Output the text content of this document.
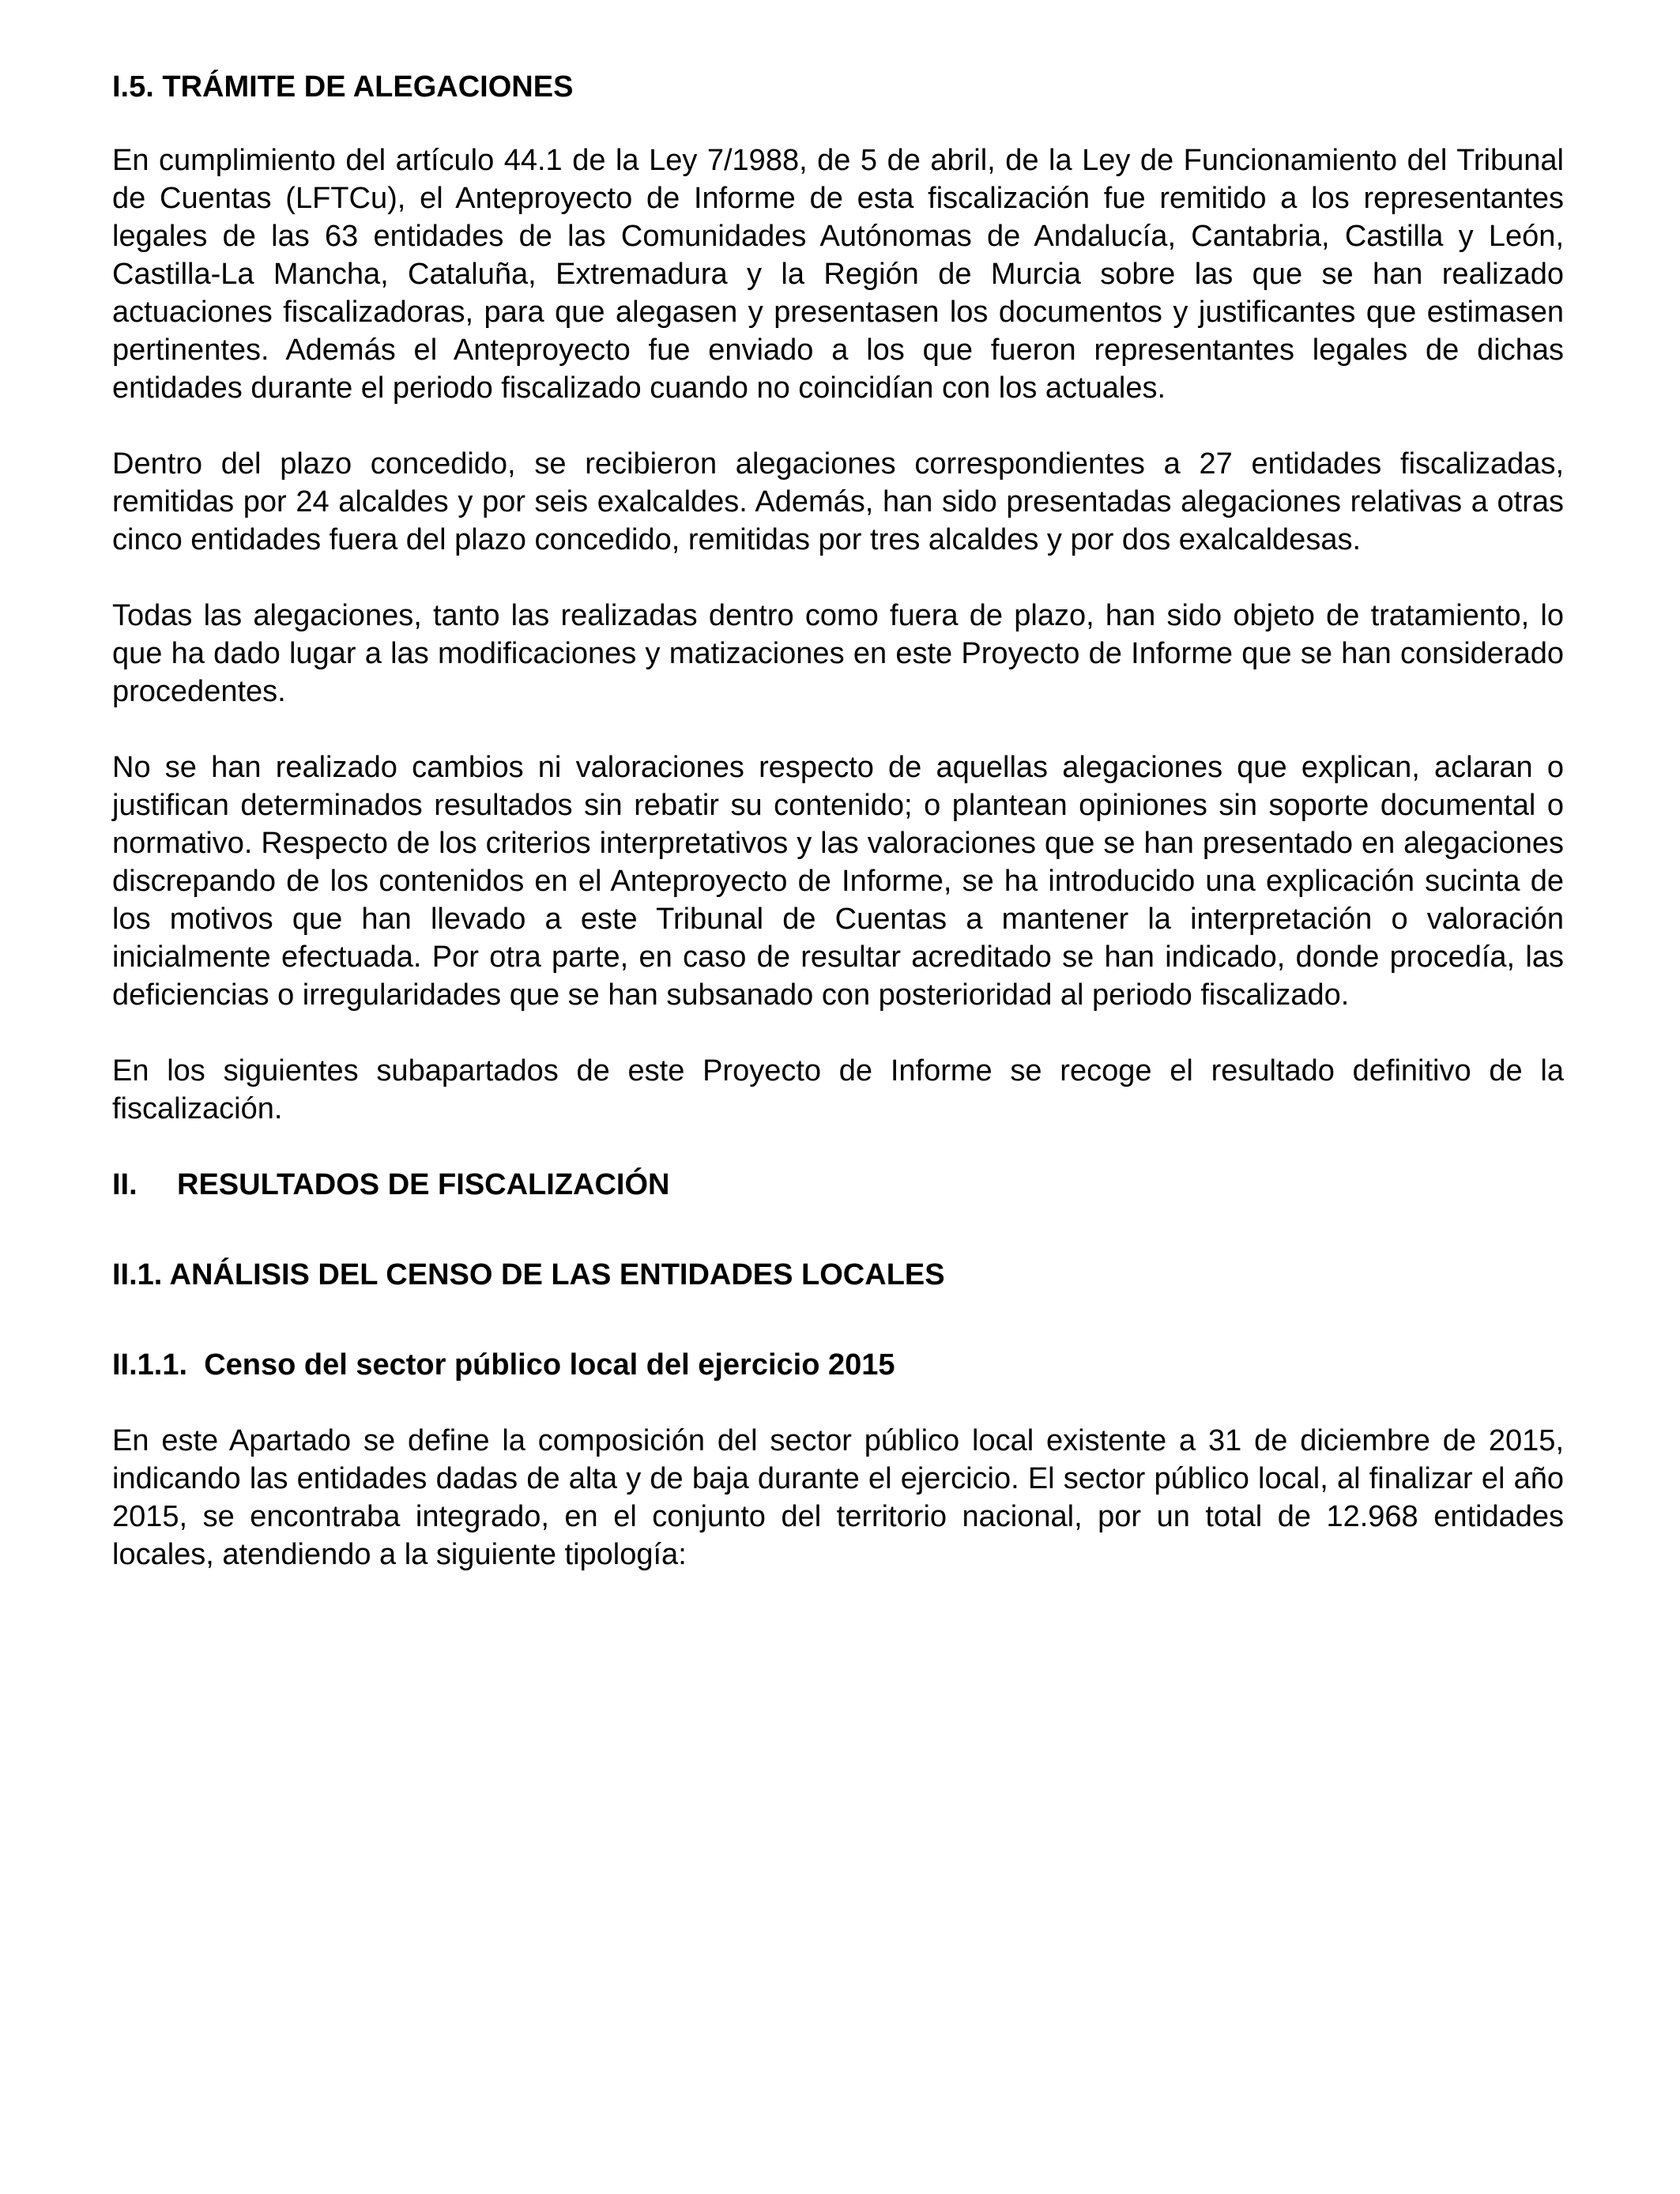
I.5. TRÁMITE DE ALEGACIONES

En cumplimiento del artículo 44.1 de la Ley 7/1988, de 5 de abril, de la Ley de Funcionamiento del Tribunal de Cuentas (LFTCu), el Anteproyecto de Informe de esta fiscalización fue remitido a los representantes legales de las 63 entidades de las Comunidades Autónomas de Andalucía, Cantabria, Castilla y León, Castilla-La Mancha, Cataluña, Extremadura y la Región de Murcia sobre las que se han realizado actuaciones fiscalizadoras, para que alegasen y presentasen los documentos y justificantes que estimasen pertinentes. Además el Anteproyecto fue enviado a los que fueron representantes legales de dichas entidades durante el periodo fiscalizado cuando no coincidían con los actuales.

Dentro del plazo concedido, se recibieron alegaciones correspondientes a 27 entidades fiscalizadas, remitidas por 24 alcaldes y por seis exalcaldes. Además, han sido presentadas alegaciones relativas a otras cinco entidades fuera del plazo concedido, remitidas por tres alcaldes y por dos exalcaldesas.

Todas las alegaciones, tanto las realizadas dentro como fuera de plazo, han sido objeto de tratamiento, lo que ha dado lugar a las modificaciones y matizaciones en este Proyecto de Informe que se han considerado procedentes.

No se han realizado cambios ni valoraciones respecto de aquellas alegaciones que explican, aclaran o justifican determinados resultados sin rebatir su contenido; o plantean opiniones sin soporte documental o normativo. Respecto de los criterios interpretativos y las valoraciones que se han presentado en alegaciones discrepando de los contenidos en el Anteproyecto de Informe, se ha introducido una explicación sucinta de los motivos que han llevado a este Tribunal de Cuentas a mantener la interpretación o valoración inicialmente efectuada. Por otra parte, en caso de resultar acreditado se han indicado, donde procedía, las deficiencias o irregularidades que se han subsanado con posterioridad al periodo fiscalizado.

En los siguientes subapartados de este Proyecto de Informe se recoge el resultado definitivo de la fiscalización.

II. RESULTADOS DE FISCALIZACIÓN
II.1. ANÁLISIS DEL CENSO DE LAS ENTIDADES LOCALES
II.1.1. Censo del sector público local del ejercicio 2015

En este Apartado se define la composición del sector público local existente a 31 de diciembre de 2015, indicando las entidades dadas de alta y de baja durante el ejercicio. El sector público local, al finalizar el año 2015, se encontraba integrado, en el conjunto del territorio nacional, por un total de 12.968 entidades locales, atendiendo a la siguiente tipología:
